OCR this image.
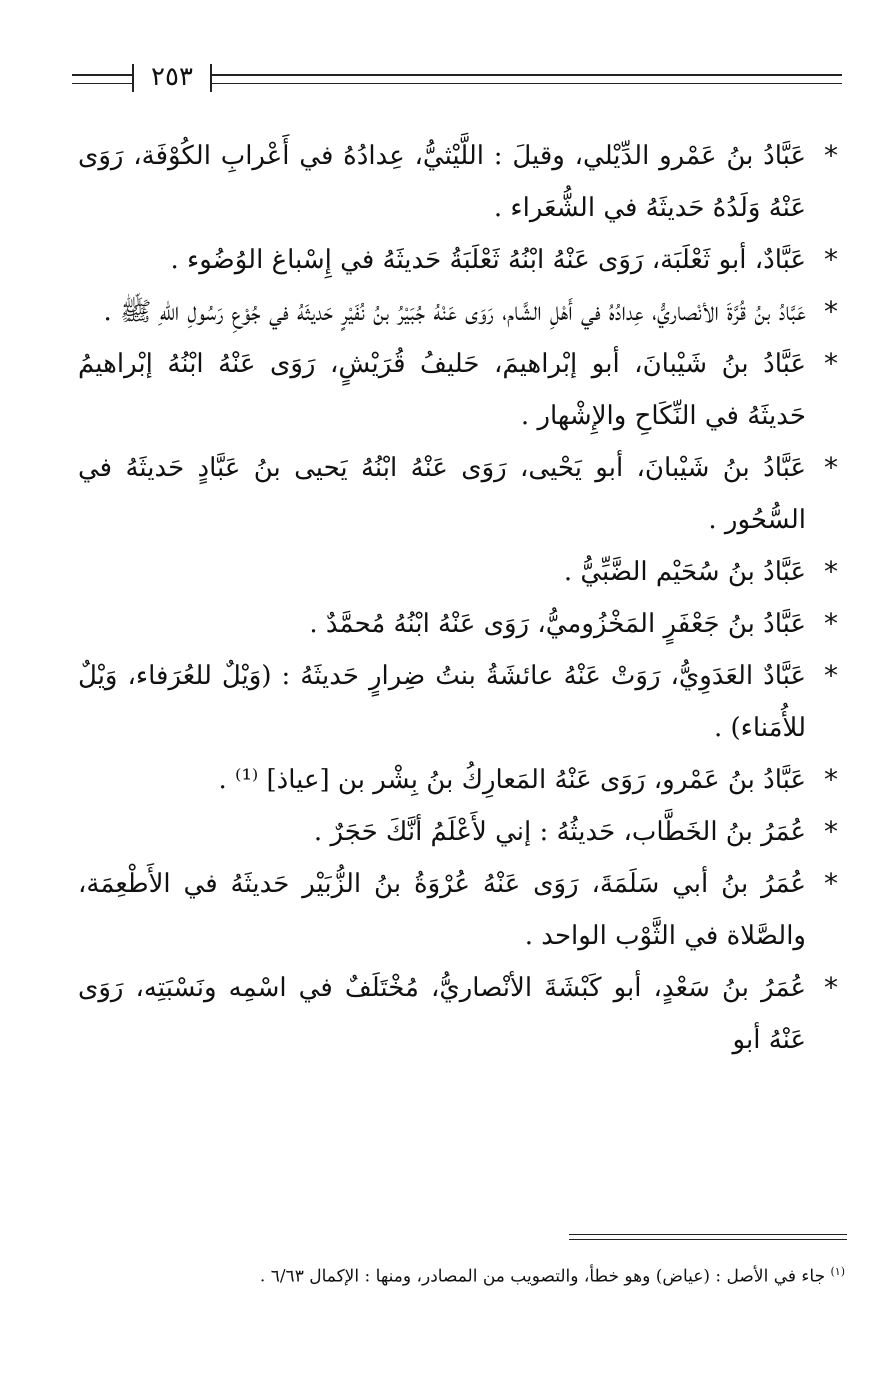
٢٥٣
*
عَبَّادُ بنُ عَمْرو الدِّيْلي، وقيلَ : اللَّيْثيُّ، عِدادُهُ في أَعْرابِ الكُوْفَة، رَوَى عَنْهُ وَلَدُهُ حَديثَهُ في الشُّعَراء .
*
عَبَّادٌ، أبو ثَعْلَبَة، رَوَى عَنْهُ ابْنُهُ ثَعْلَبَةُ حَديثَهُ في إِسْباغ الوُضُوء .
*
عَبَّادُ بنُ قُرَّةَ الأنْصاريُّ، عِدادُهُ في أَهْلِ الشَّام، رَوَى عَنْهُ جُبَيْرُ بنُ نُفَيْرٍ حَديثَهُ في جُوْعِ رَسُولِ اللهِ ﷺ .
*
عَبَّادُ بنُ شَيْبانَ، أبو إبْراهيمَ، حَليفُ قُرَيْشٍ، رَوَى عَنْهُ ابْنُهُ إبْراهيمُ حَديثَهُ في النِّكَاحِ والإِشْهار .
*
عَبَّادُ بنُ شَيْبانَ، أبو يَحْيى، رَوَى عَنْهُ ابْنُهُ يَحيى بنُ عَبَّادٍ حَديثَهُ في السُّحُور .
*
عَبَّادُ بنُ سُحَيْم الضَّبِّيُّ .
*
عَبَّادُ بنُ جَعْفَرٍ المَخْزُوميُّ، رَوَى عَنْهُ ابْنُهُ مُحمَّدٌ .
*
عَبَّادٌ العَدَوِيُّ، رَوَتْ عَنْهُ عائشَةُ بنتُ ضِرارٍ حَديثَهُ : (وَيْلٌ للعُرَفاء، وَيْلٌ للأُمَناء) .
*
عَبَّادُ بنُ عَمْرو، رَوَى عَنْهُ المَعارِكُ بنُ بِشْر بن [عياذ] ⁽¹⁾ .
*
عُمَرُ بنُ الخَطَّاب، حَديثُهُ : إني لأَعْلَمُ أنَّكَ حَجَرٌ .
*
عُمَرُ بنُ أبي سَلَمَةَ، رَوَى عَنْهُ عُرْوَةُ بنُ الزُّبَيْر حَديثَهُ في الأَطْعِمَة، والصَّلاة في الثَّوْب الواحد .
*
عُمَرُ بنُ سَعْدٍ، أبو كَبْشَةَ الأنْصاريُّ، مُخْتَلَفٌ في اسْمِه ونَسْبَتِه، رَوَى عَنْهُ أبو
$^{(١)}$ جاء في الأصل : (عياض) وهو خطأ، والتصويب من المصادر، ومنها : الإكمال ٦/٦٣ .
